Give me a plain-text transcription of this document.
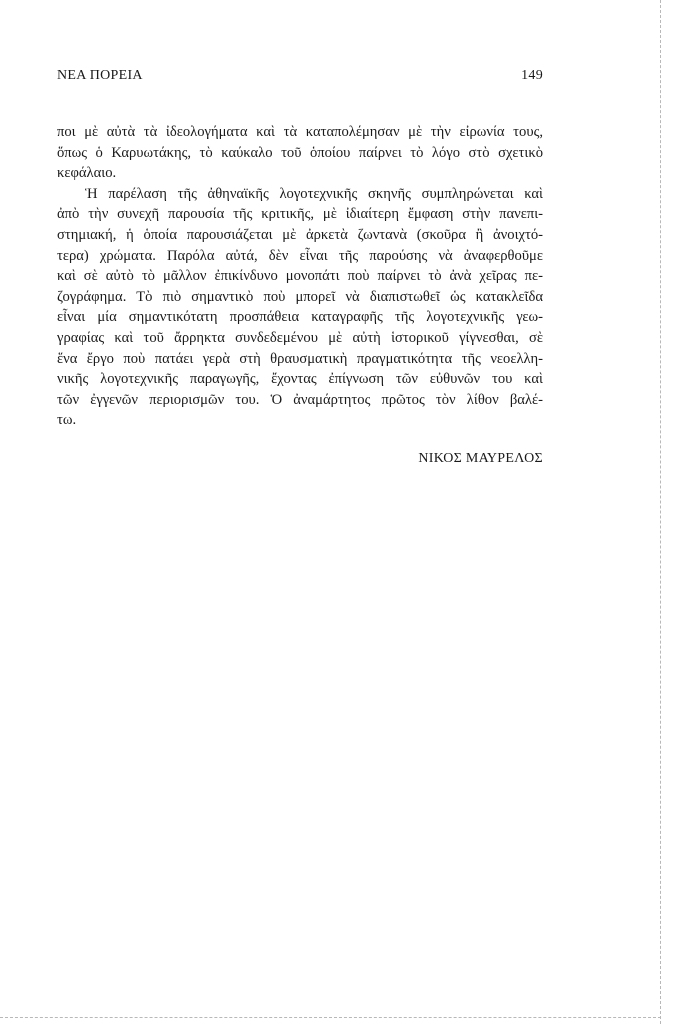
ΝΕΑ ΠΟΡΕΙΑ	149
ποι μὲ αὐτὰ τὰ ἰδεολογήματα καὶ τὰ καταπολέμησαν μὲ τὴν εἰρωνία τους,
ὅπως ὁ Καρυωτάκης, τὸ καύκαλο τοῦ ὁποίου παίρνει τὸ λόγο στὸ σχετικὸ
κεφάλαιο.
Ἡ παρέλαση τῆς ἀθηναϊκῆς λογοτεχνικῆς σκηνῆς συμπληρώνεται καὶ
ἀπὸ τὴν συνεχῆ παρουσία τῆς κριτικῆς, μὲ ἰδιαίτερη ἔμφαση στὴν πανεπι-
στημιακή, ἡ ὁποία παρουσιάζεται μὲ ἀρκετὰ ζωντανὰ (σκοῦρα ἢ ἀνοιχτό-
τερα) χρώματα. Παρόλα αὐτά, δὲν εἶναι τῆς παρούσης νὰ ἀναφερθοῦμε
καὶ σὲ αὐτὸ τὸ μᾶλλον ἐπικίνδυνο μονοπάτι ποὺ παίρνει τὸ ἀνὰ χεῖρας πε-
ζογράφημα. Τὸ πιὸ σημαντικὸ ποὺ μπορεῖ νὰ διαπιστωθεῖ ὡς κατακλεῖδα
εἶναι μία σημαντικότατη προσπάθεια καταγραφῆς τῆς λογοτεχνικῆς γεω-
γραφίας καὶ τοῦ ἄρρηκτα συνδεδεμένου μὲ αὐτὴ ἱστορικοῦ γίγνεσθαι, σὲ
ἕνα ἔργο ποὺ πατάει γερὰ στὴ θραυσματικὴ πραγματικότητα τῆς νεοελλη-
νικῆς λογοτεχνικῆς παραγωγῆς, ἔχοντας ἐπίγνωση τῶν εὐθυνῶν του καὶ
τῶν ἐγγενῶν περιορισμῶν του. Ὁ ἀναμάρτητος πρῶτος τὸν λίθον βαλέ-
τω.
ΝΙΚΟΣ ΜΑΥΡΕΛΟΣ
